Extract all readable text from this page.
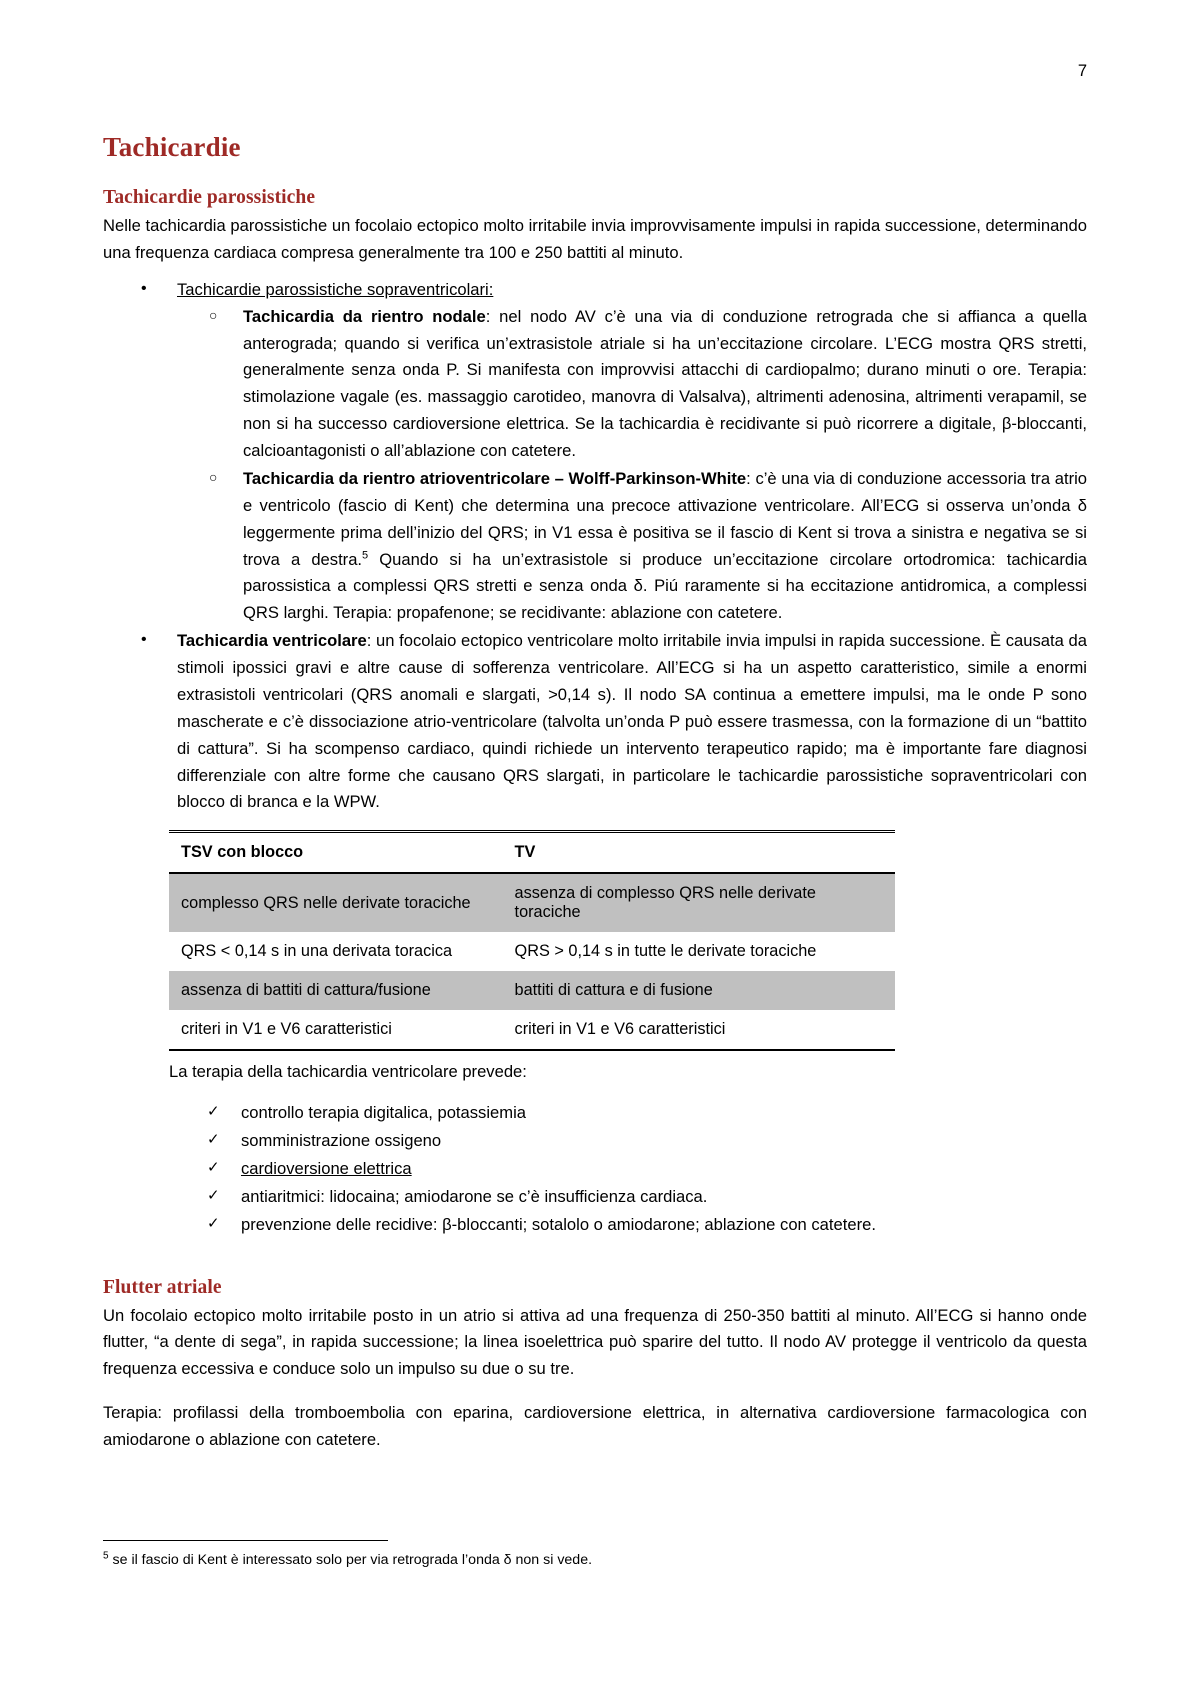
7
Tachicardie
Tachicardie parossistiche

Nelle tachicardia parossistiche un focolaio ectopico molto irritabile invia improvvisamente impulsi in rapida successione, determinando una frequenza cardiaca compresa generalmente tra 100 e 250 battiti al minuto.

• Tachicardie parossistiche sopraventricolari:
○ Tachicardia da rientro nodale: nel nodo AV c’è una via di conduzione retrograda che si affianca a quella anterograda; quando si verifica un’extrasistole atriale si ha un’eccitazione circolare. L’ECG mostra QRS stretti, generalmente senza onda P. Si manifesta con improvvisi attacchi di cardiopalmo; durano minuti o ore. Terapia: stimolazione vagale (es. massaggio carotideo, manovra di Valsalva), altrimenti adenosina, altrimenti verapamil, se non si ha successo cardioversione elettrica. Se la tachicardia è recidivante si può ricorrere a digitale, β-bloccanti, calcioantagonisti o all’ablazione con catetere.
○ Tachicardia da rientro atrioventricolare – Wolff-Parkinson-White: c’è una via di conduzione accessoria tra atrio e ventricolo (fascio di Kent) che determina una precoce attivazione ventricolare. All’ECG si osserva un’onda δ leggermente prima dell’inizio del QRS; in V1 essa è positiva se il fascio di Kent si trova a sinistra e negativa se si trova a destra.$^5$ Quando si ha un’extrasistole si produce un’eccitazione circolare ortodromica: tachicardia parossistica a complessi QRS stretti e senza onda δ. Piú raramente si ha eccitazione antidromica, a complessi QRS larghi. Terapia: propafenone; se recidivante: ablazione con catetere.
• Tachicardia ventricolare: un focolaio ectopico ventricolare molto irritabile invia impulsi in rapida successione. È causata da stimoli ipossici gravi e altre cause di sofferenza ventricolare. All’ECG si ha un aspetto caratteristico, simile a enormi extrasistoli ventricolari (QRS anomali e slargati, >0,14 s). Il nodo SA continua a emettere impulsi, ma le onde P sono mascherate e c’è dissociazione atrio-ventricolare (talvolta un’onda P può essere trasmessa, con la formazione di un “battito di cattura”. Si ha scompenso cardiaco, quindi richiede un intervento terapeutico rapido; ma è importante fare diagnosi differenziale con altre forme che causano QRS slargati, in particolare le tachicardie parossistiche sopraventricolari con blocco di branca e la WPW.
TSV con blocco	TV
complesso QRS nelle derivate toraciche	assenza di complesso QRS nelle derivate toraciche
QRS < 0,14 s in una derivata toracica	QRS > 0,14 s in tutte le derivate toraciche
assenza di battiti di cattura/fusione	battiti di cattura e di fusione
criteri in V1 e V6 caratteristici	criteri in V1 e V6 caratteristici
La terapia della tachicardia ventricolare prevede:
✓ controllo terapia digitalica, potassiemia
✓ somministrazione ossigeno
✓ cardioversione elettrica
✓ antiaritmici: lidocaina; amiodarone se c’è insufficienza cardiaca.
✓ prevenzione delle recidive: β-bloccanti; sotalolo o amiodarone; ablazione con catetere.
Flutter atriale

Un focolaio ectopico molto irritabile posto in un atrio si attiva ad una frequenza di 250-350 battiti al minuto. All’ECG si hanno onde flutter, “a dente di sega”, in rapida successione; la linea isoelettrica può sparire del tutto. Il nodo AV protegge il ventricolo da questa frequenza eccessiva e conduce solo un impulso su due o su tre.

Terapia: profilassi della tromboembolia con eparina, cardioversione elettrica, in alternativa cardioversione farmacologica con amiodarone o ablazione con catetere.

$^5$ se il fascio di Kent è interessato solo per via retrograda l’onda δ non si vede.
